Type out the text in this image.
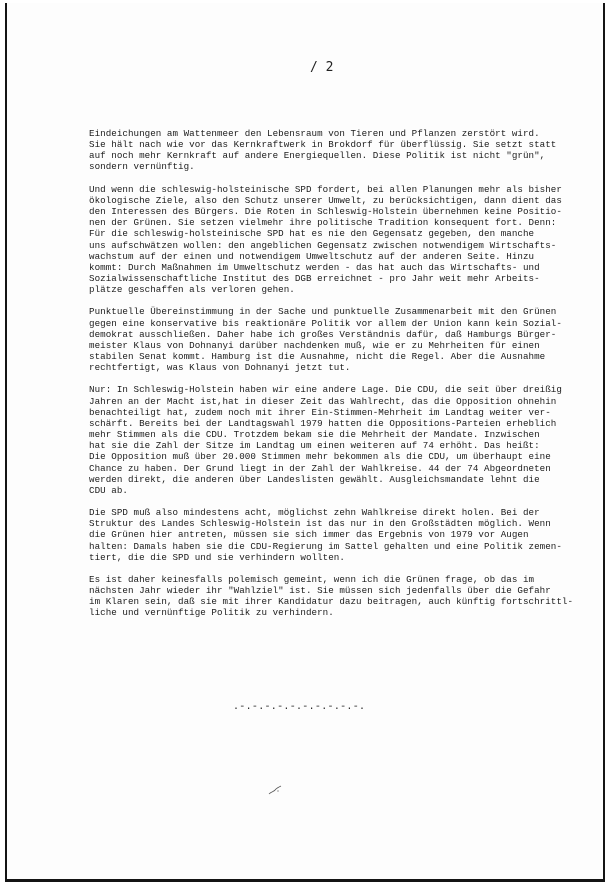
/ 2
Eindeichungen am Wattenmeer den Lebensraum von Tieren und Pflanzen zerstört wird.
Sie hält nach wie vor das Kernkraftwerk in Brokdorf für überflüssig. Sie setzt statt
auf noch mehr Kernkraft auf andere Energiequellen. Diese Politik ist nicht "grün",
sondern vernünftig.
Und wenn die schleswig-holsteinische SPD fordert, bei allen Planungen mehr als bisher
ökologische Ziele, also den Schutz unserer Umwelt, zu berücksichtigen, dann dient das
den Interessen des Bürgers. Die Roten in Schleswig-Holstein übernehmen keine Positio-
nen der Grünen. Sie setzen vielmehr ihre politische Tradition konsequent fort. Denn:
Für die schleswig-holsteinische SPD hat es nie den Gegensatz gegeben, den manche
uns aufschwätzen wollen: den angeblichen Gegensatz zwischen notwendigem Wirtschafts-
wachstum auf der einen und notwendigem Umweltschutz auf der anderen Seite. Hinzu
kommt: Durch Maßnahmen im Umweltschutz werden - das hat auch das Wirtschafts- und
Sozialwissenschaftliche Institut des DGB erreichnet - pro Jahr weit mehr Arbeits-
plätze geschaffen als verloren gehen.
Punktuelle Übereinstimmung in der Sache und punktuelle Zusammenarbeit mit den Grünen
gegen eine konservative bis reaktionäre Politik vor allem der Union kann kein Sozial-
demokrat ausschließen. Daher habe ich großes Verständnis dafür, daß Hamburgs Bürger-
meister Klaus von Dohnanyi darüber nachdenken muß, wie er zu Mehrheiten für einen
stabilen Senat kommt. Hamburg ist die Ausnahme, nicht die Regel. Aber die Ausnahme
rechtfertigt, was Klaus von Dohnanyi jetzt tut.
Nur: In Schleswig-Holstein haben wir eine andere Lage. Die CDU, die seit über dreißig
Jahren an der Macht ist,hat in dieser Zeit das Wahlrecht, das die Opposition ohnehin
benachteiligt hat, zudem noch mit ihrer Ein-Stimmen-Mehrheit im Landtag weiter ver-
schärft. Bereits bei der Landtagswahl 1979 hatten die Oppositions-Parteien erheblich
mehr Stimmen als die CDU. Trotzdem bekam sie die Mehrheit der Mandate. Inzwischen
hat sie die Zahl der Sitze im Landtag um einen weiteren auf 74 erhöht. Das heißt:
Die Opposition muß über 20.000 Stimmen mehr bekommen als die CDU, um überhaupt eine
Chance zu haben. Der Grund liegt in der Zahl der Wahlkreise. 44 der 74 Abgeordneten
werden direkt, die anderen über Landeslisten gewählt. Ausgleichsmandate lehnt die
CDU ab.
Die SPD muß also mindestens acht, möglichst zehn Wahlkreise direkt holen. Bei der
Struktur des Landes Schleswig-Holstein ist das nur in den Großstädten möglich. Wenn
die Grünen hier antreten, müssen sie sich immer das Ergebnis von 1979 vor Augen
halten: Damals haben sie die CDU-Regierung im Sattel gehalten und eine Politik zemen-
tiert, die die SPD und sie verhindern wollten.
Es ist daher keinesfalls polemisch gemeint, wenn ich die Grünen frage, ob das im
nächsten Jahr wieder ihr "Wahlziel" ist. Sie müssen sich jedenfalls über die Gefahr
im Klaren sein, daß sie mit ihrer Kandidatur dazu beitragen, auch künftig fortschrittl-
liche und vernünftige Politik zu verhindern.
.-.-.-.-.-.-.-.-.-.-.
